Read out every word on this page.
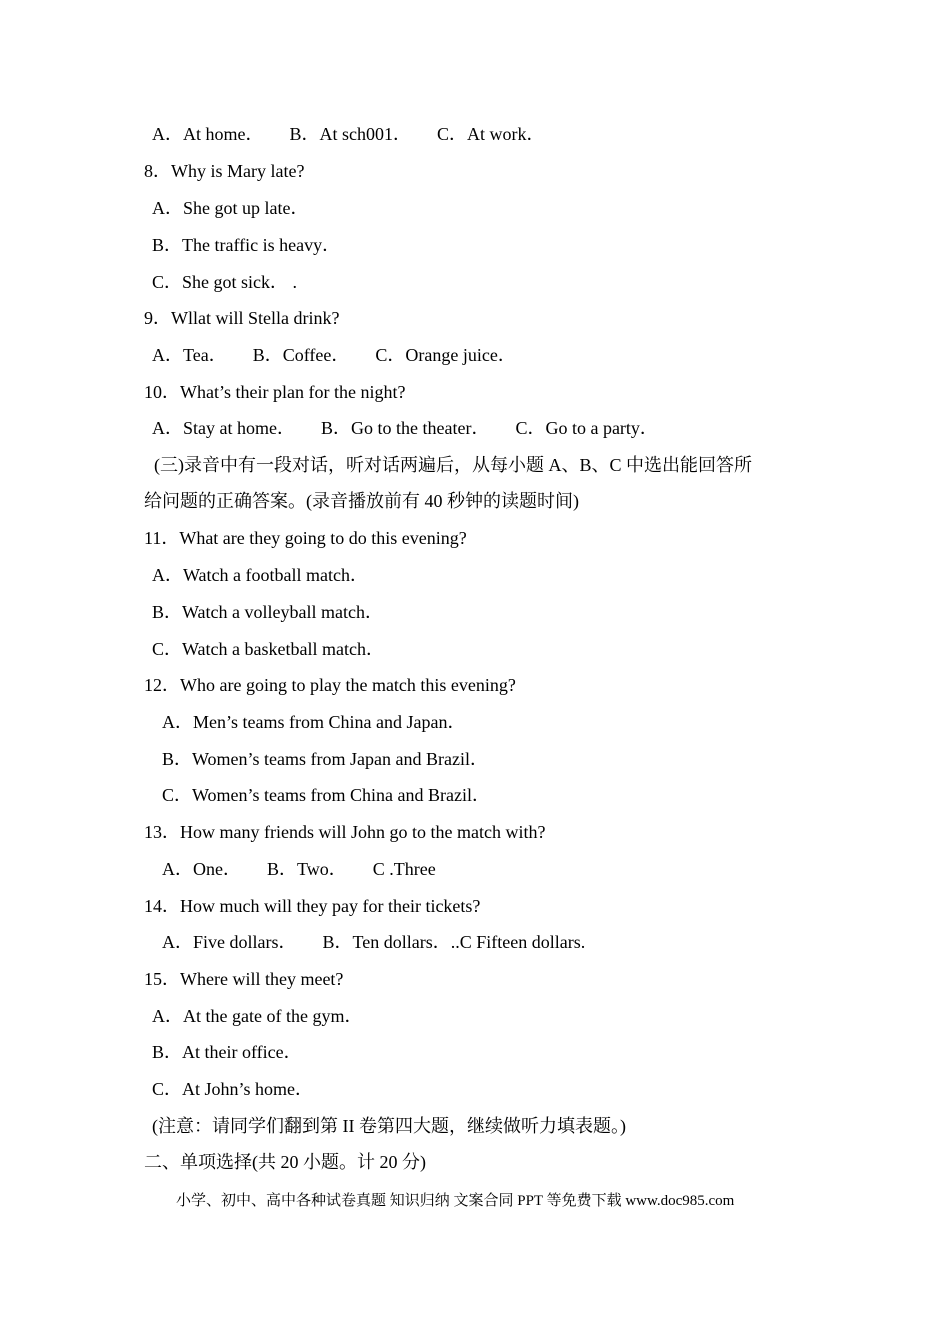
A．At home． B．At sch001． C．At work．
8．Why is Mary late?
A．She got up late．
B．The traffic is heavy．
C．She got sick． .
9．Wllat will Stella drink?
A．Tea． B．Coffee． C．Orange juice．
10．What’s their plan for the night?
A．Stay at home． B．Go to the theater． C．Go to a party．
(三)录音中有一段对话，听对话两遍后，从每小题 A、B、C 中选出能回答所
给问题的正确答案。(录音播放前有 40 秒钟的读题时间)
11．What are they going to do this evening?
A．Watch a football match．
B．Watch a volleyball match．
C．Watch a basketball match．
12．Who are going to play the match this evening?
A．Men’s teams from China and Japan．
B．Women’s teams from Japan and Brazil．
C．Women’s teams from China and Brazil．
13．How many friends will John go to the match with?
A．One． B．Two． C .Three
14．How much will they pay for their tickets?
A．Five dollars． B．Ten dollars．..C Fifteen dollars.
15．Where will they meet?
A．At the gate of the gym．
B．At their office．
C．At John’s home．
(注意：请同学们翻到第 II 卷第四大题，继续做听力填表题。)
二、单项选择(共 20 小题。计 20 分)
小学、初中、高中各种试卷真题 知识归纳 文案合同 PPT 等免费下载 www.doc985.com
